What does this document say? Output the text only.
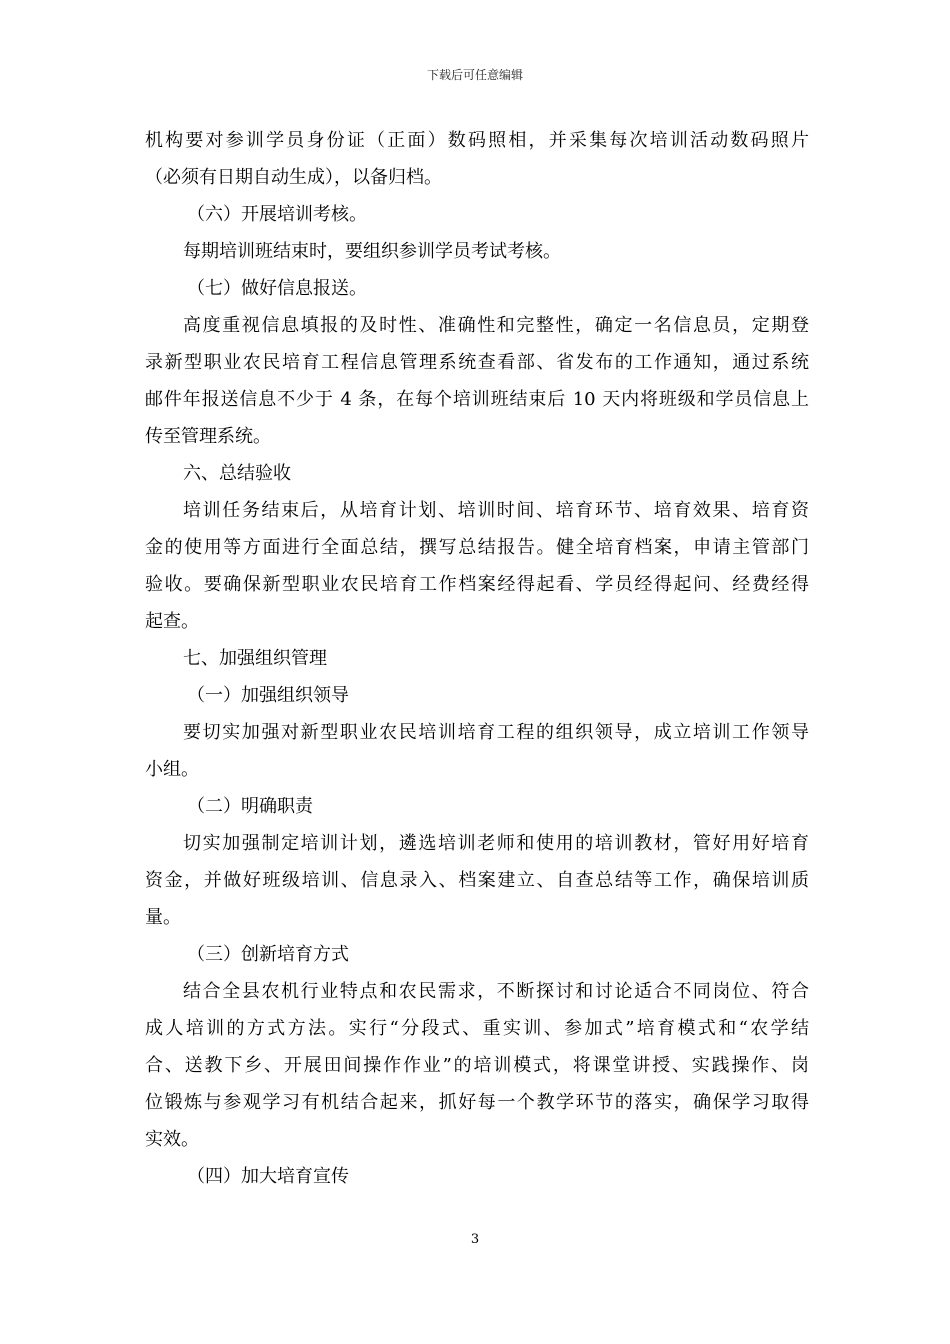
下载后可任意编辑
机构要对参训学员身份证（正面）数码照相，并采集每次培训活动数码照片
（必须有日期自动生成），以备归档。
（六）开展培训考核。
每期培训班结束时，要组织参训学员考试考核。
（七）做好信息报送。
高度重视信息填报的及时性、准确性和完整性，确定一名信息员，定期登
录新型职业农民培育工程信息管理系统查看部、省发布的工作通知，通过系统
邮件年报送信息不少于 4 条，在每个培训班结束后 10 天内将班级和学员信息上
传至管理系统。
六、总结验收
培训任务结束后，从培育计划、培训时间、培育环节、培育效果、培育资
金的使用等方面进行全面总结，撰写总结报告。健全培育档案，申请主管部门
验收。要确保新型职业农民培育工作档案经得起看、学员经得起问、经费经得
起查。
七、加强组织管理
（一）加强组织领导
要切实加强对新型职业农民培训培育工程的组织领导，成立培训工作领导
小组。
（二）明确职责
切实加强制定培训计划，遴选培训老师和使用的培训教材，管好用好培育
资金，并做好班级培训、信息录入、档案建立、自查总结等工作，确保培训质
量。
（三）创新培育方式
结合全县农机行业特点和农民需求，不断探讨和讨论适合不同岗位、符合
成人培训的方式方法。实行“分段式、重实训、参加式”培育模式和“农学结
合、送教下乡、开展田间操作作业”的培训模式，将课堂讲授、实践操作、岗
位锻炼与参观学习有机结合起来，抓好每一个教学环节的落实，确保学习取得
实效。
（四）加大培育宣传
3
